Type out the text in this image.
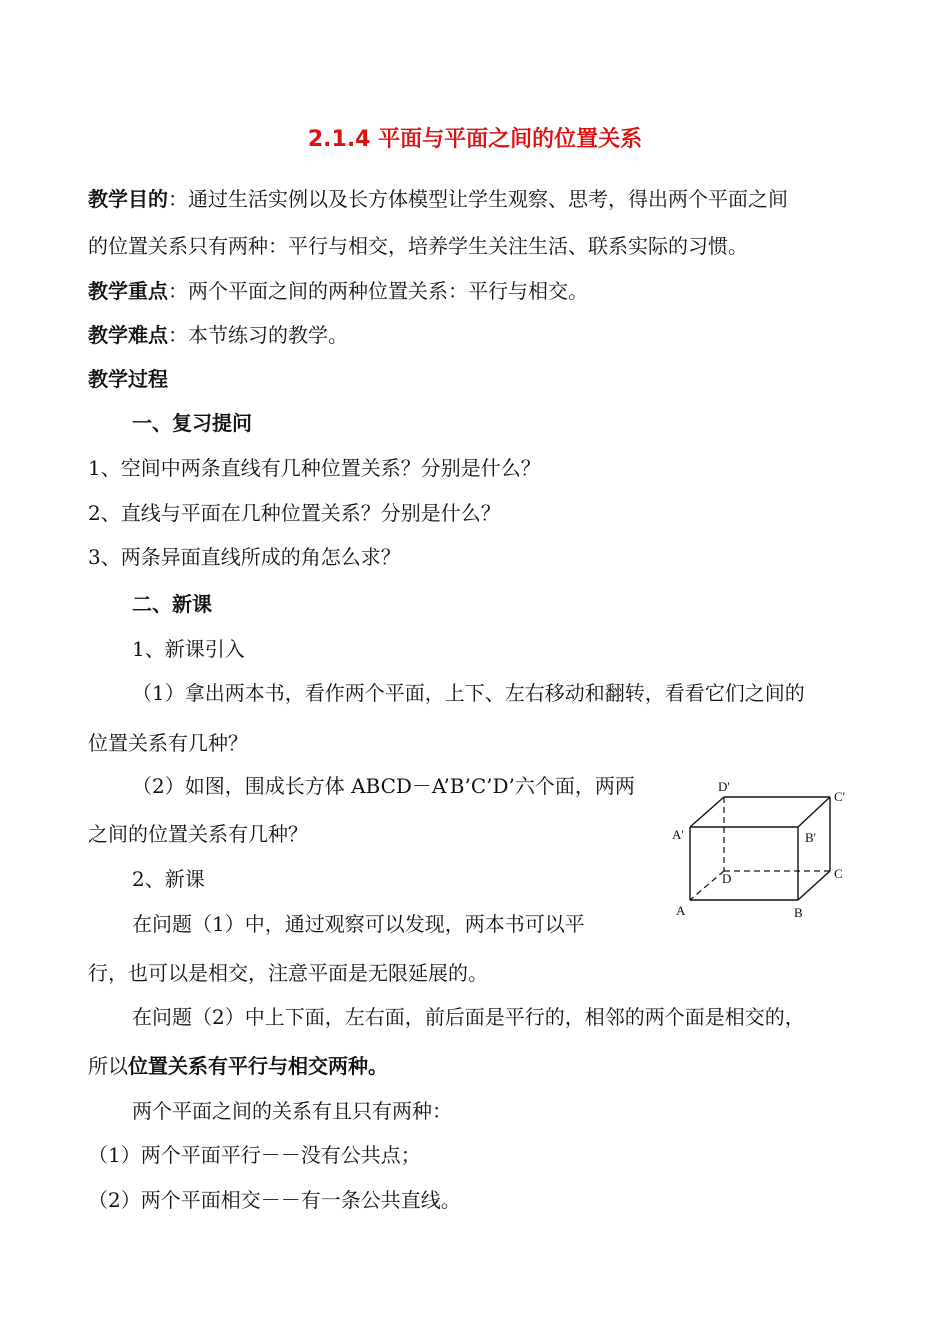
2.1.4 平面与平面之间的位置关系
教学目的：通过生活实例以及长方体模型让学生观察、思考，得出两个平面之间
的位置关系只有两种：平行与相交，培养学生关注生活、联系实际的习惯。
教学重点：两个平面之间的两种位置关系：平行与相交。
教学难点：本节练习的教学。
教学过程
一、复习提问
1、空间中两条直线有几种位置关系？分别是什么？
2、直线与平面在几种位置关系？分别是什么？
3、两条异面直线所成的角怎么求？
二、新课
1、新课引入
（1）拿出两本书，看作两个平面，上下、左右移动和翻转，看看它们之间的
位置关系有几种？
（2）如图，围成长方体 ABCD－A’B’C’D’六个面，两两
之间的位置关系有几种？
2、新课
在问题（1）中，通过观察可以发现，两本书可以平
行，也可以是相交，注意平面是无限延展的。
在问题（2）中上下面，左右面，前后面是平行的，相邻的两个面是相交的，
所以位置关系有平行与相交两种。
两个平面之间的关系有且只有两种：
（1）两个平面平行－－没有公共点；
（2）两个平面相交－－有一条公共直线。
A	B
C
D
A'	B'
C'
D'
